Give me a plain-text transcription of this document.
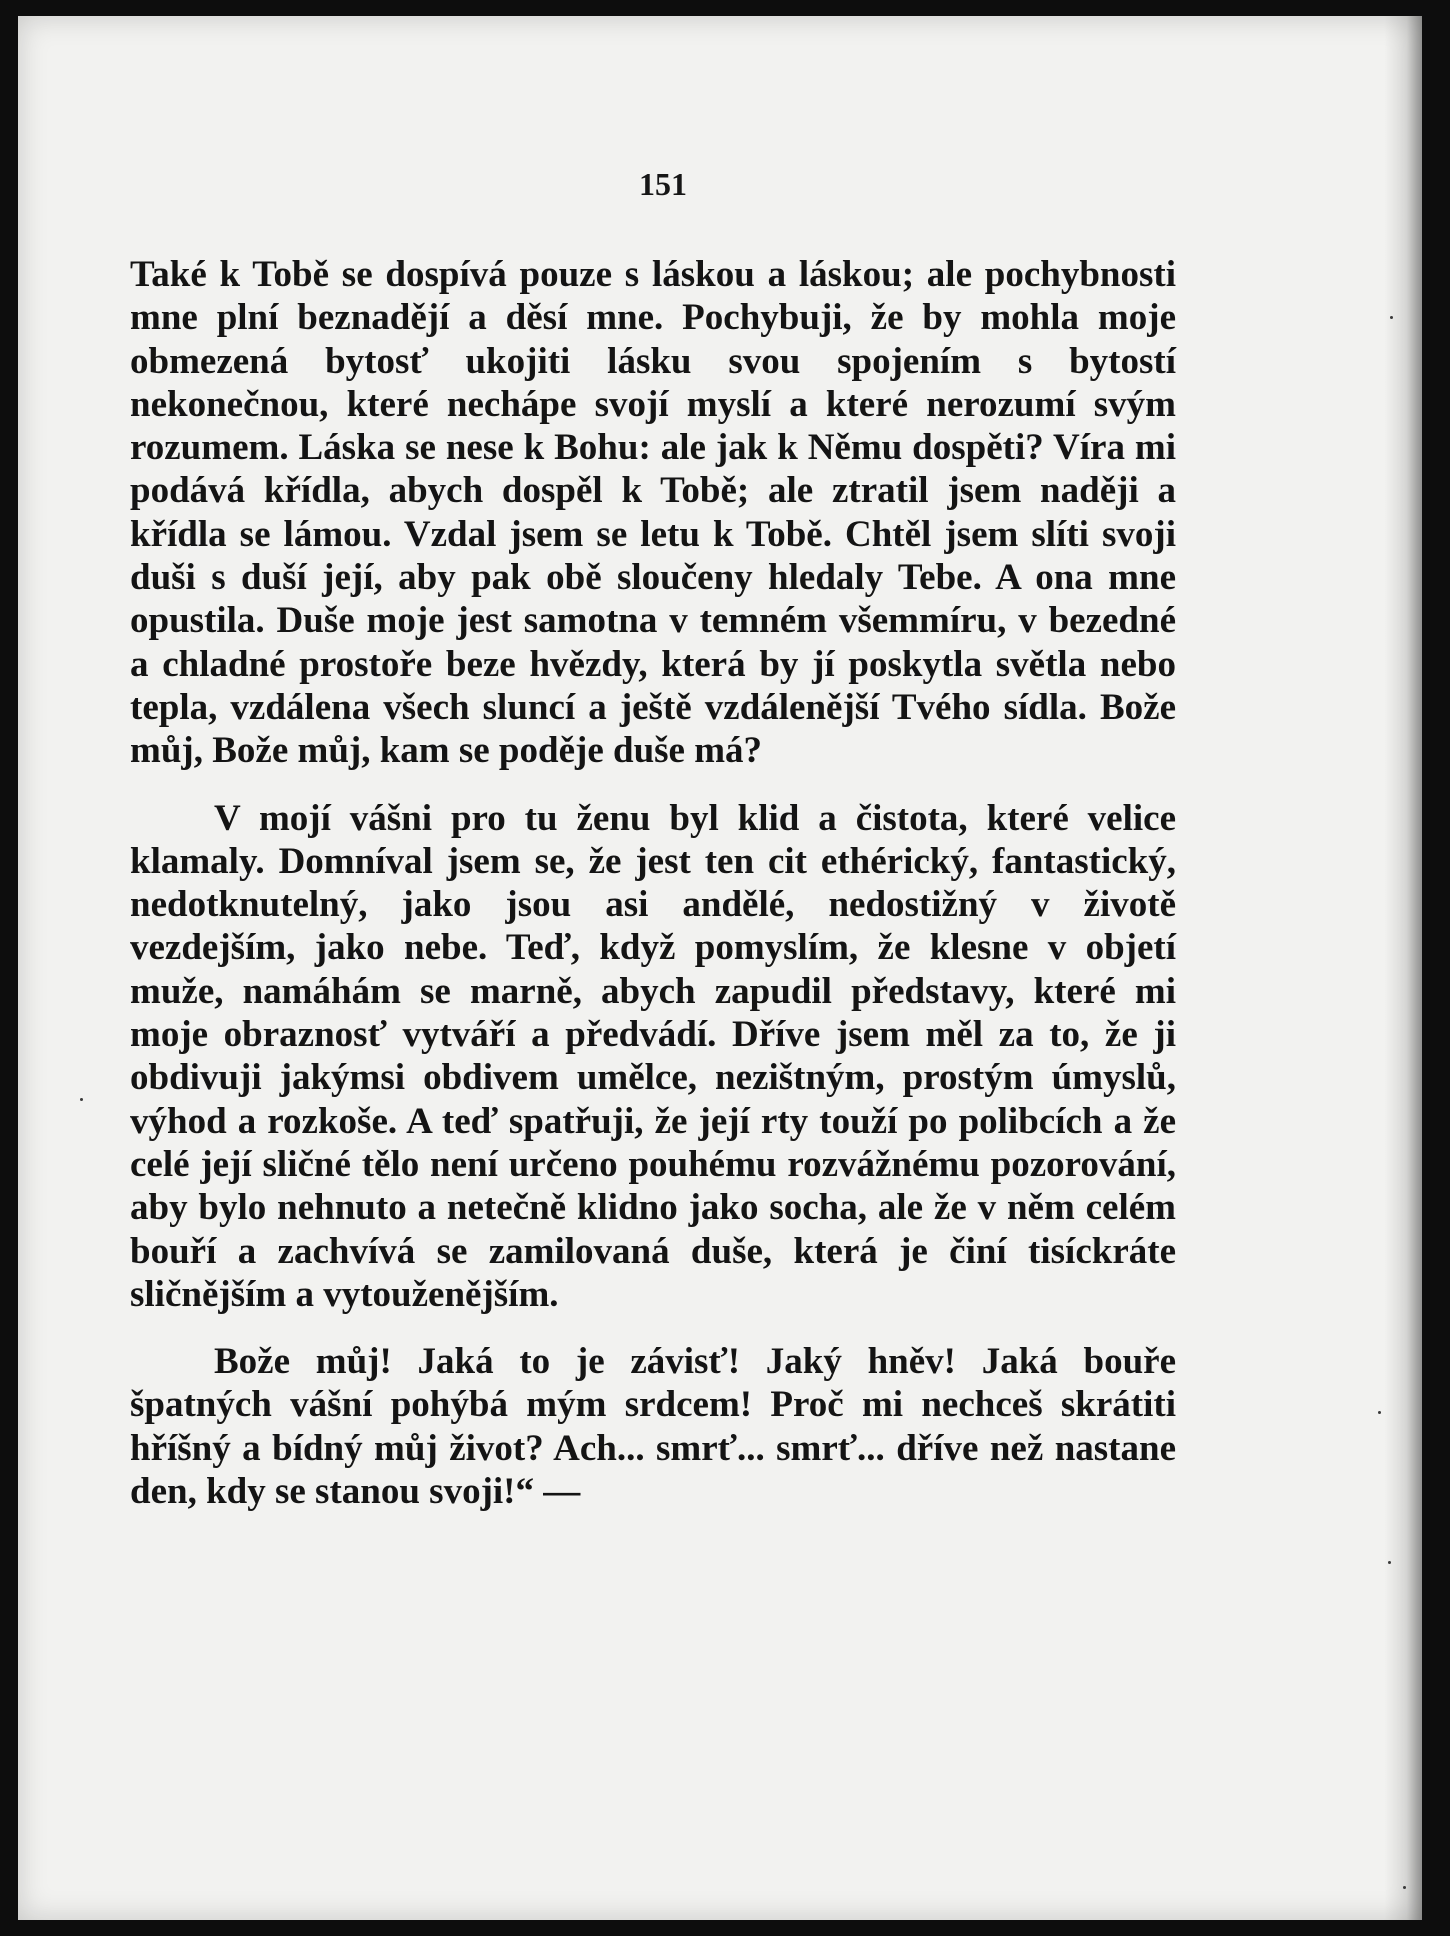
151

Také k Tobě se dospívá pouze s láskou a láskou; ale pochybnosti mne plní beznadějí a děsí mne. Pochybuji, že by mohla moje obmezená bytosť ukojiti lásku svou spojením s bytostí nekonečnou, které nechápe svojí myslí a které nerozumí svým rozumem. Láska se nese k Bohu: ale jak k Němu dospěti? Víra mi podává křídla, abych dospěl k Tobě; ale ztratil jsem naději a křídla se lámou. Vzdal jsem se letu k Tobě. Chtěl jsem slíti svoji duši s duší její, aby pak obě sloučeny hledaly Tebe. A ona mne opustila. Duše moje jest samotna v temném všemmíru, v bezedné a chladné prostoře beze hvězdy, která by jí poskytla světla nebo tepla, vzdálena všech sluncí a ještě vzdálenější Tvého sídla. Bože můj, Bože můj, kam se poděje duše má?

V mojí vášni pro tu ženu byl klid a čistota, které velice klamaly. Domníval jsem se, že jest ten cit ethérický, fantastický, nedotknutelný, jako jsou asi andělé, nedostižný v životě vezdejším, jako nebe. Teď, když pomyslím, že klesne v objetí muže, namáhám se marně, abych zapudil představy, které mi moje obraznosť vytváří a předvádí. Dříve jsem měl za to, že ji obdivuji jakýmsi obdivem umělce, nezištným, prostým úmyslů, výhod a rozkoše. A teď spatřuji, že její rty touží po polibcích a že celé její sličné tělo není určeno pouhému rozvážnému pozorování, aby bylo nehnuto a netečně klidno jako socha, ale že v něm celém bouří a zachvívá se zamilovaná duše, která je činí tisíckráte sličnějším a vytouženějším.

Bože můj! Jaká to je závisť! Jaký hněv! Jaká bouře špatných vášní pohýbá mým srdcem! Proč mi nechceš skrátiti hříšný a bídný můj život? Ach... smrť... smrť... dříve než nastane den, kdy se stanou svoji!“ —
